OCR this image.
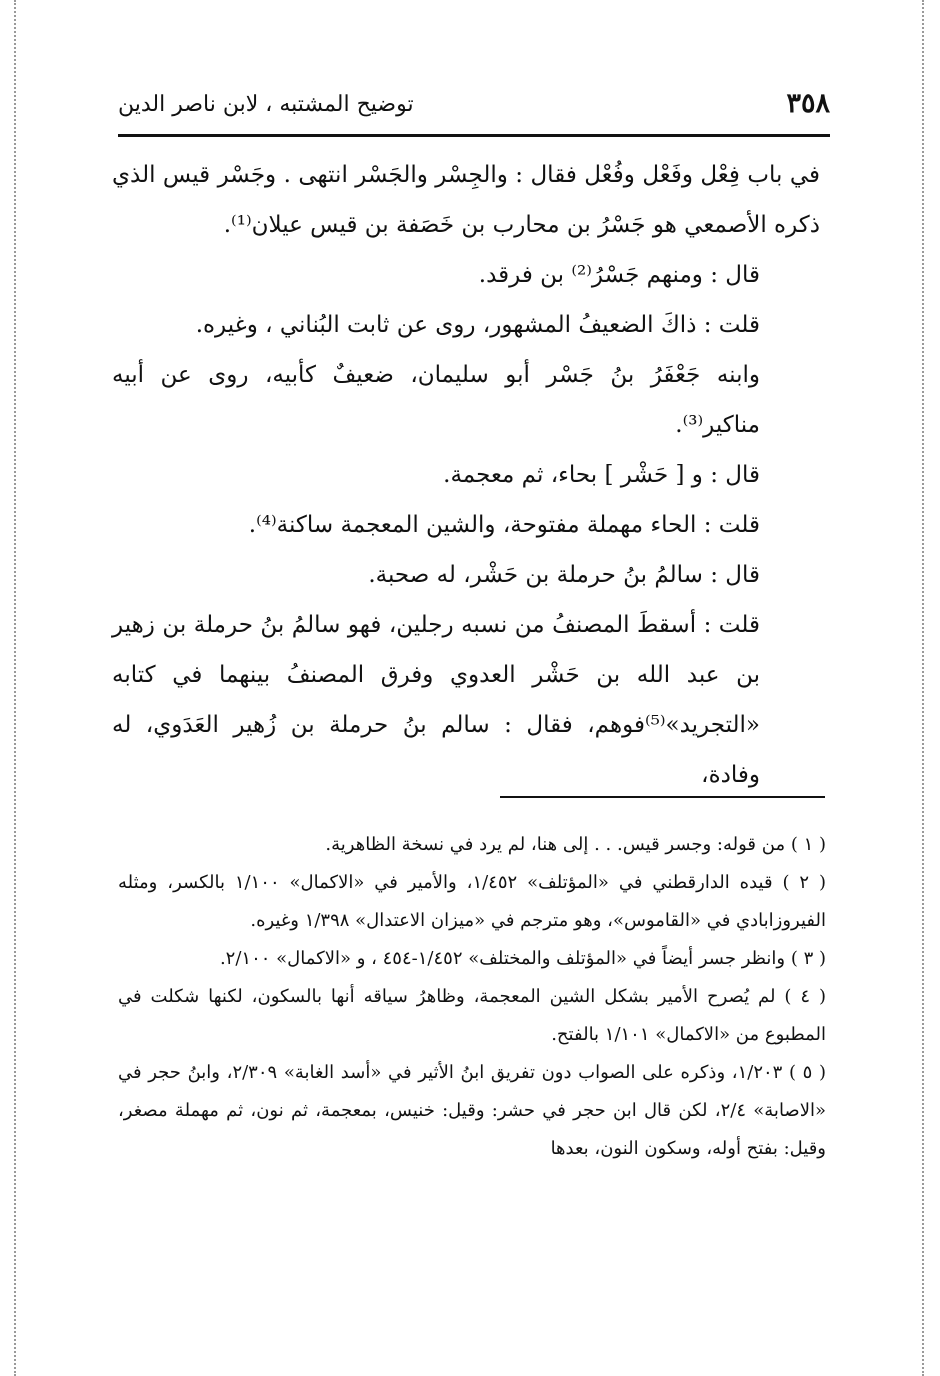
٣٥٨
توضيح المشتبه ، لابن ناصر الدين

في باب فِعْل وفَعْل وفُعْل فقال : والجِسْر والجَسْر انتهى . وجَسْر قيس الذي ذكره الأصمعي هو جَسْرُ بن محارب بن خَصَفة بن قيس عيلان⁽¹⁾.

قال : ومنهم جَسْرُ⁽²⁾ بن فرقد.

قلت : ذاكَ الضعيفُ المشهور، روى عن ثابت البُناني ، وغيره.

وابنه جَعْفَرُ بنُ جَسْر أبو سليمان، ضعيفٌ كأبيه، روى عن أبيه مناكير⁽³⁾.

قال : و [ حَشْر ] بحاء، ثم معجمة.

قلت : الحاء مهملة مفتوحة، والشين المعجمة ساكنة⁽⁴⁾.

قال : سالمُ بنُ حرملة بن حَشْر، له صحبة.

قلت : أسقطَ المصنفُ من نسبه رجلين، فهو سالمُ بنُ حرملة بن زهير بن عبد الله بن حَشْر العدوي وفرق المصنفُ بينهما في كتابه «التجريد»⁽⁵⁾فوهم، فقال : سالم بنُ حرملة بن زُهير العَدَوي، له وفادة،

( ١ ) من قوله: وجسر قيس. . . إلى هنا، لم يرد في نسخة الظاهرية.

( ٢ ) قيده الدارقطني في «المؤتلف» ١/٤٥٢، والأمير في «الاكمال» ١/١٠٠ بالكسر، ومثله الفيروزابادي في «القاموس»، وهو مترجم في «ميزان الاعتدال» ١/٣٩٨ وغيره.

( ٣ ) وانظر جسر أيضاً في «المؤتلف والمختلف» ١/٤٥٢-٤٥٤ ، و «الاكمال» ٢/١٠٠.

( ٤ ) لم يُصرح الأمير بشكل الشين المعجمة، وظاهرُ سياقه أنها بالسكون، لكنها شكلت في المطبوع من «الاكمال» ١/١٠١ بالفتح.

( ٥ ) ١/٢٠٣، وذكره على الصواب دون تفريق ابنُ الأثير في «أسد الغابة» ٢/٣٠٩، وابنُ حجر في «الاصابة» ٢/٤، لكن قال ابن حجر في حشر: وقيل: خنيس، بمعجمة، ثم نون، ثم مهملة مصغر، وقيل: بفتح أوله، وسكون النون، بعدها
